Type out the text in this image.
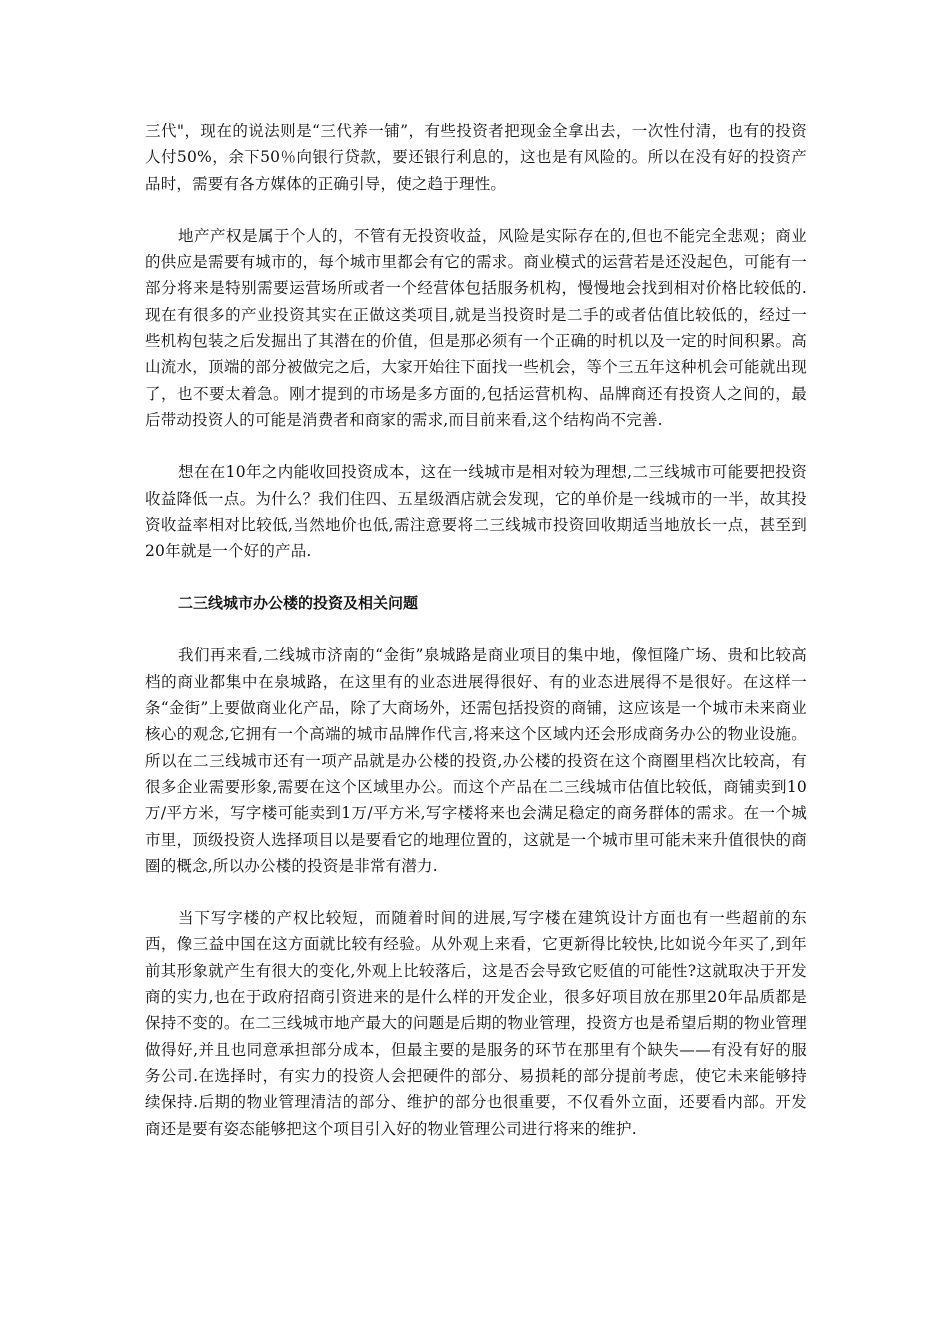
三代"，现在的说法则是“三代养一铺”，有些投资者把现金全拿出去，一次性付清，也有的投资人付50%，余下50％向银行贷款，要还银行利息的，这也是有风险的。所以在没有好的投资产品时，需要有各方媒体的正确引导，使之趋于理性。

地产产权是属于个人的，不管有无投资收益，风险是实际存在的,但也不能完全悲观；商业的供应是需要有城市的，每个城市里都会有它的需求。商业模式的运营若是还没起色，可能有一部分将来是特别需要运营场所或者一个经营体包括服务机构，慢慢地会找到相对价格比较低的.现在有很多的产业投资其实在正做这类项目,就是当投资时是二手的或者估值比较低的，经过一些机构包装之后发掘出了其潜在的价值，但是那必须有一个正确的时机以及一定的时间积累。高山流水，顶端的部分被做完之后，大家开始往下面找一些机会，等个三五年这种机会可能就出现了，也不要太着急。刚才提到的市场是多方面的,包括运营机构、品牌商还有投资人之间的，最后带动投资人的可能是消费者和商家的需求,而目前来看,这个结构尚不完善.

想在在10年之内能收回投资成本，这在一线城市是相对较为理想,二三线城市可能要把投资收益降低一点。为什么？我们住四、五星级酒店就会发现，它的单价是一线城市的一半，故其投资收益率相对比较低,当然地价也低,需注意要将二三线城市投资回收期适当地放长一点，甚至到20年就是一个好的产品.

二三线城市办公楼的投资及相关问题

我们再来看,二线城市济南的“金街”泉城路是商业项目的集中地，像恒隆广场、贵和比较高档的商业都集中在泉城路，在这里有的业态进展得很好、有的业态进展得不是很好。在这样一条“金街”上要做商业化产品，除了大商场外，还需包括投资的商铺，这应该是一个城市未来商业核心的观念,它拥有一个高端的城市品牌作代言,将来这个区域内还会形成商务办公的物业设施。所以在二三线城市还有一项产品就是办公楼的投资,办公楼的投资在这个商圈里档次比较高，有很多企业需要形象,需要在这个区域里办公。而这个产品在二三线城市估值比较低，商铺卖到10万/平方米，写字楼可能卖到1万/平方米,写字楼将来也会满足稳定的商务群体的需求。在一个城市里，顶级投资人选择项目以是要看它的地理位置的，这就是一个城市里可能未来升值很快的商圈的概念,所以办公楼的投资是非常有潜力.

当下写字楼的产权比较短，而随着时间的进展,写字楼在建筑设计方面也有一些超前的东西，像三益中国在这方面就比较有经验。从外观上来看，它更新得比较快,比如说今年买了,到年前其形象就产生有很大的变化,外观上比较落后，这是否会导致它贬值的可能性?这就取决于开发商的实力,也在于政府招商引资进来的是什么样的开发企业，很多好项目放在那里20年品质都是保持不变的。在二三线城市地产最大的问题是后期的物业管理，投资方也是希望后期的物业管理做得好,并且也同意承担部分成本，但最主要的是服务的环节在那里有个缺失——有没有好的服务公司.在选择时，有实力的投资人会把硬件的部分、易损耗的部分提前考虑，使它未来能够持续保持.后期的物业管理清洁的部分、维护的部分也很重要，不仅看外立面，还要看内部。开发商还是要有姿态能够把这个项目引入好的物业管理公司进行将来的维护.
